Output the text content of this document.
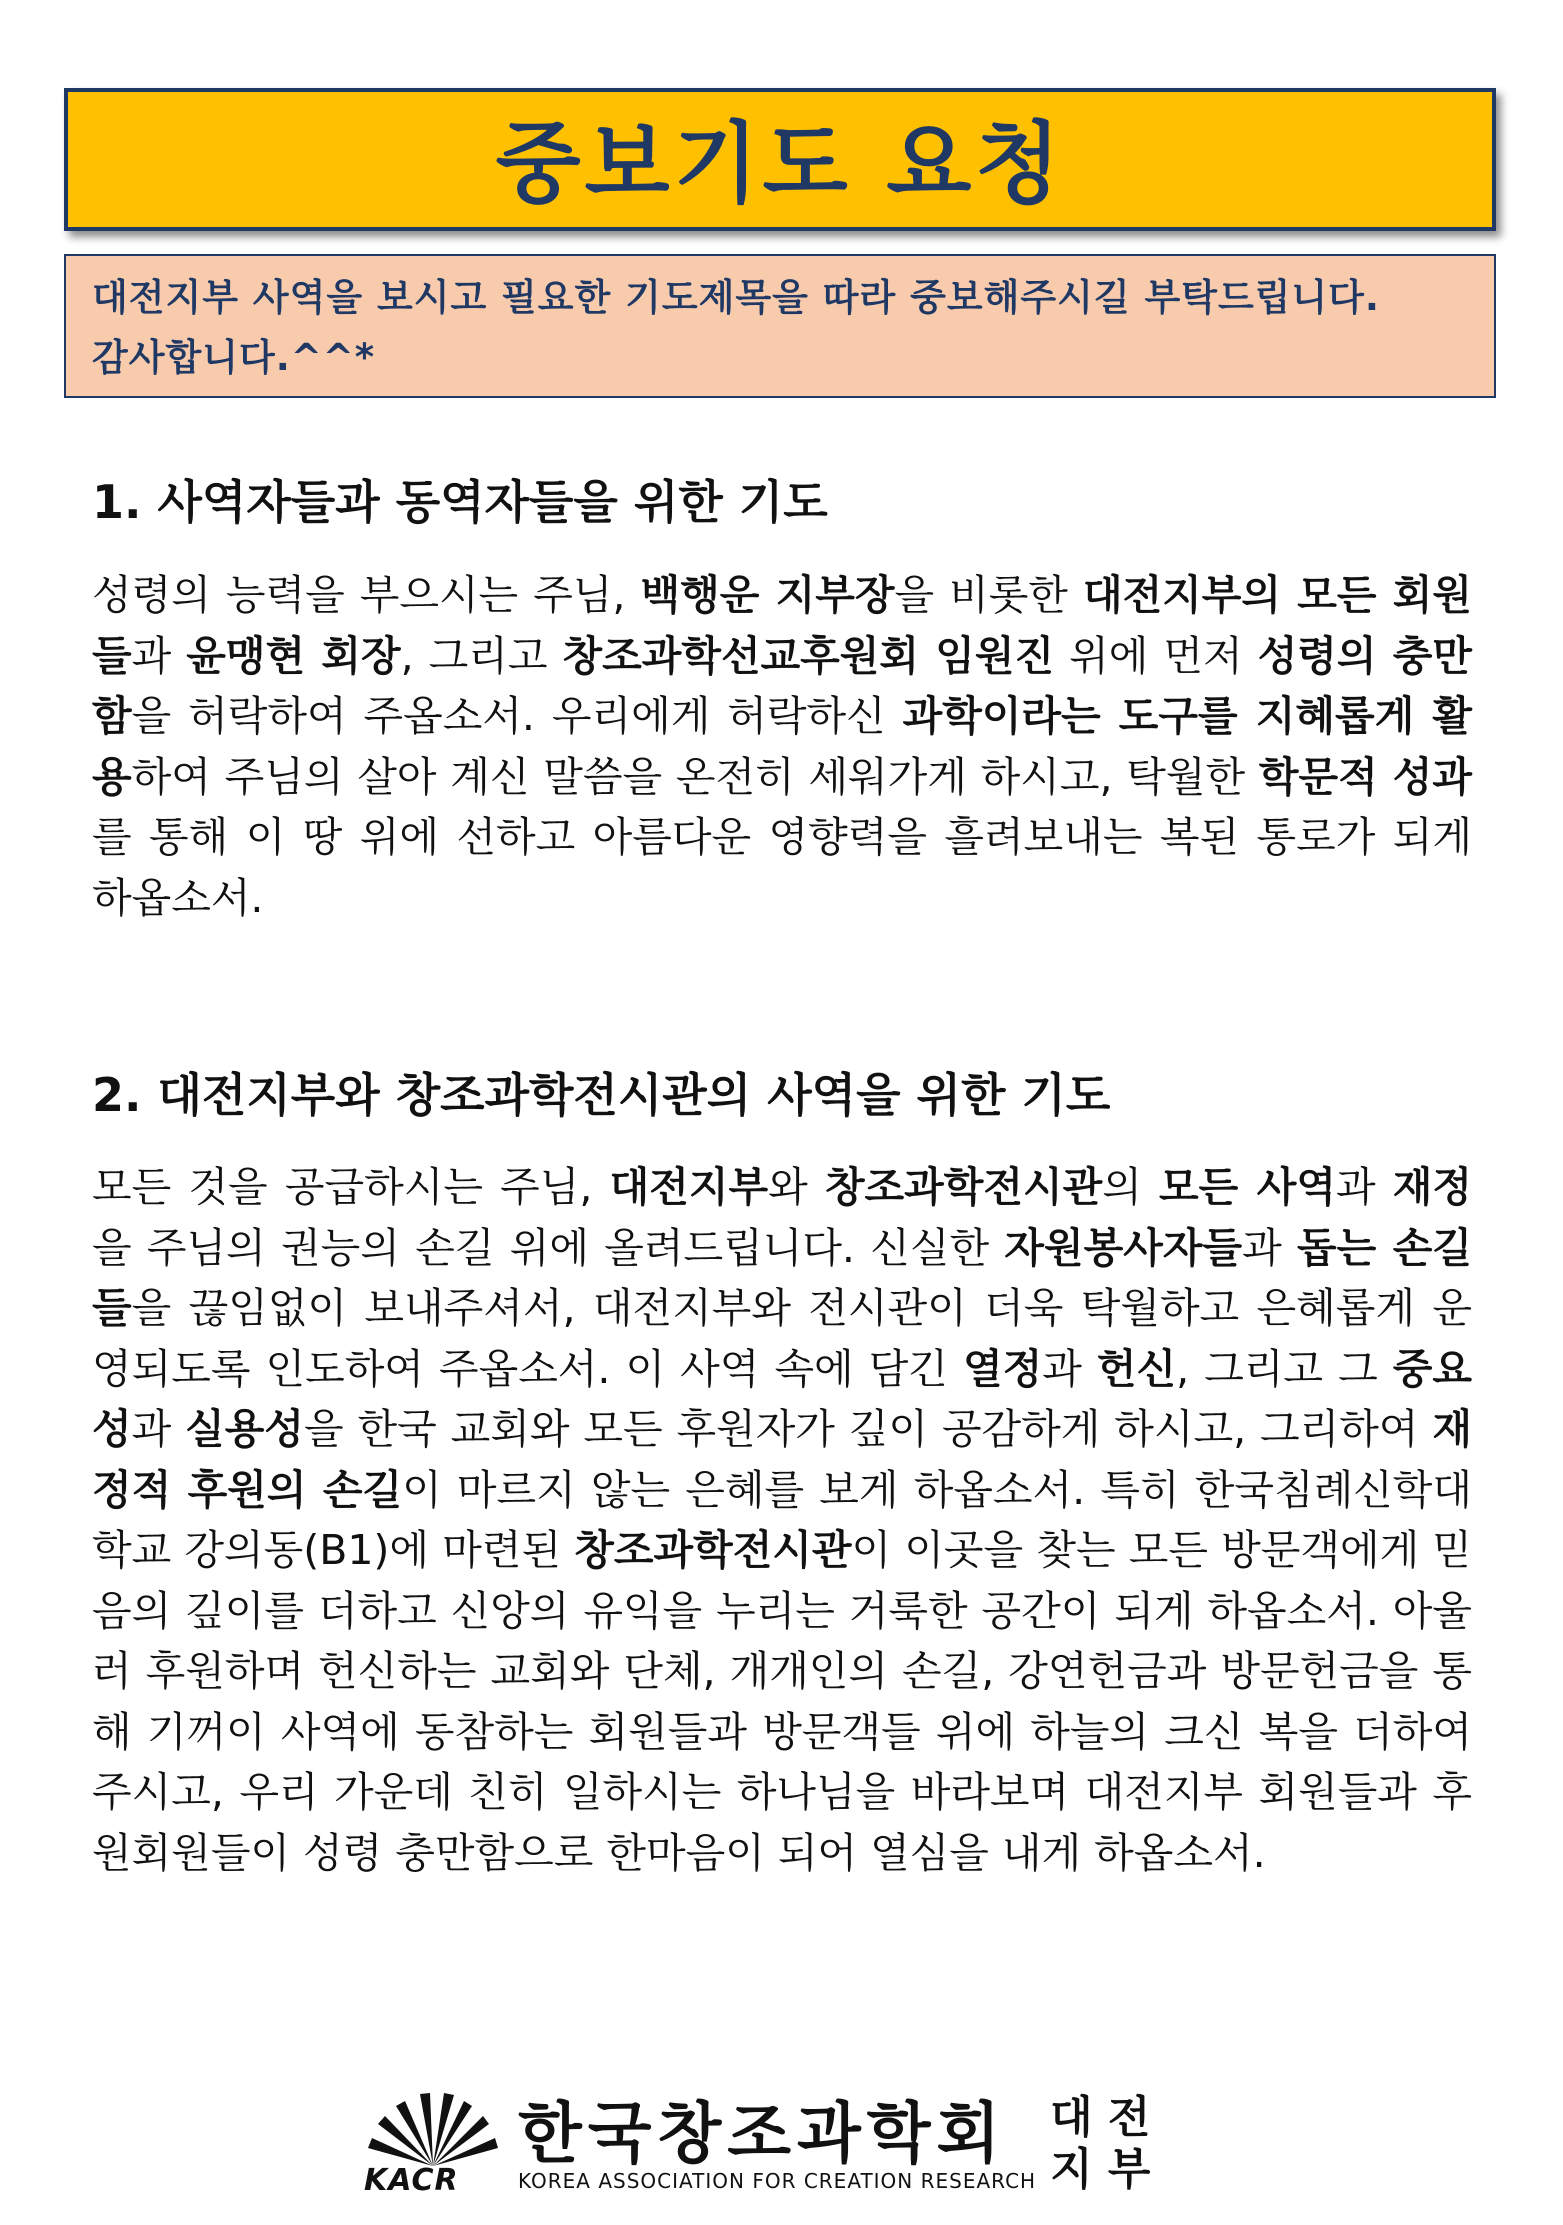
중보기도 요청
대전지부 사역을 보시고 필요한 기도제목을 따라 중보해주시길 부탁드립니다. 감사합니다.^^*
1. 사역자들과 동역자들을 위한 기도

성령의 능력을 부으시는 주님, 백행운 지부장을 비롯한 대전지부의 모든 회원들과 윤맹현 회장, 그리고 창조과학선교후원회 임원진 위에 먼저 성령의 충만함을 허락하여 주옵소서. 우리에게 허락하신 과학이라는 도구를 지혜롭게 활용하여 주님의 살아 계신 말씀을 온전히 세워가게 하시고, 탁월한 학문적 성과를 통해 이 땅 위에 선하고 아름다운 영향력을 흘려보내는 복된 통로가 되게 하옵소서.

2. 대전지부와 창조과학전시관의 사역을 위한 기도

모든 것을 공급하시는 주님, 대전지부와 창조과학전시관의 모든 사역과 재정을 주님의 권능의 손길 위에 올려드립니다. 신실한 자원봉사자들과 돕는 손길들을 끊임없이 보내주셔서, 대전지부와 전시관이 더욱 탁월하고 은혜롭게 운영되도록 인도하여 주옵소서. 이 사역 속에 담긴 열정과 헌신, 그리고 그 중요성과 실용성을 한국 교회와 모든 후원자가 깊이 공감하게 하시고, 그리하여 재정적 후원의 손길이 마르지 않는 은혜를 보게 하옵소서. 특히 한국침례신학대학교 강의동(B1)에 마련된 창조과학전시관이 이곳을 찾는 모든 방문객에게 믿음의 깊이를 더하고 신앙의 유익을 누리는 거룩한 공간이 되게 하옵소서. 아울러 후원하며 헌신하는 교회와 단체, 개개인의 손길, 강연헌금과 방문헌금을 통해 기꺼이 사역에 동참하는 회원들과 방문객들 위에 하늘의 크신 복을 더하여 주시고, 우리 가운데 친히 일하시는 하나님을 바라보며 대전지부 회원들과 후원회원들이 성령 충만함으로 한마음이 되어 열심을 내게 하옵소서.

KACR
한국창조과학회
KOREA ASSOCIATION FOR CREATION RESEARCH
대 전
지 부
